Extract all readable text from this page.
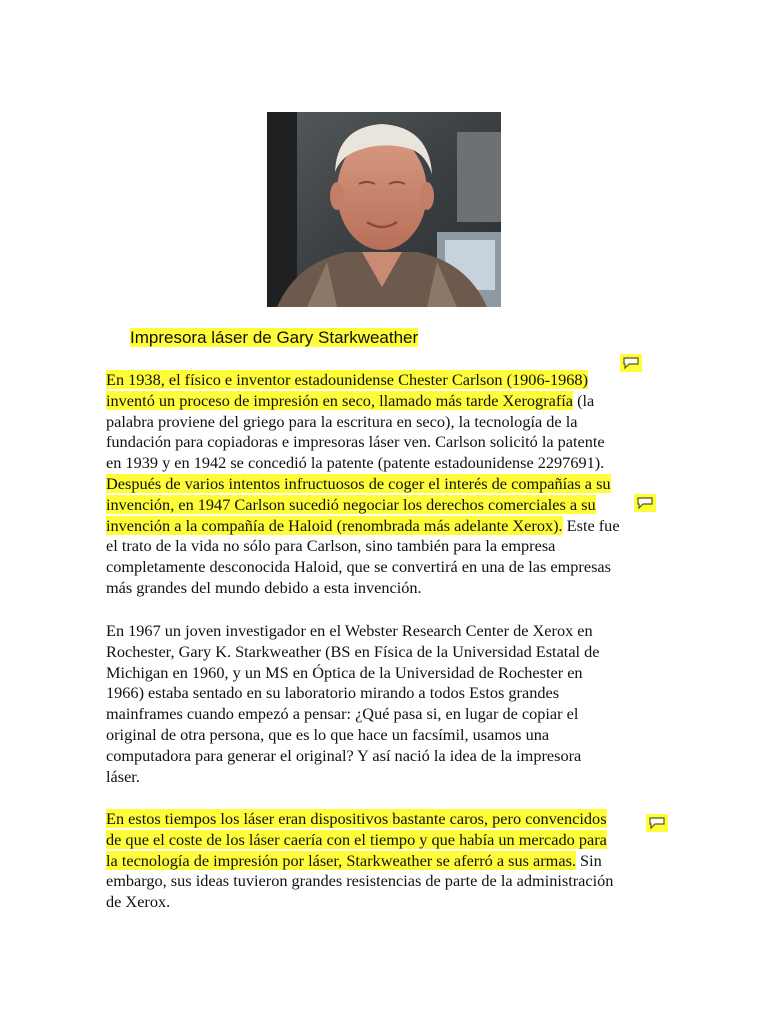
Impresora láser de Gary Starkweather
En 1938, el físico e inventor estadounidense Chester Carlson (1906-1968)
inventó un proceso de impresión en seco, llamado más tarde Xerografía (la
palabra proviene del griego para la escritura en seco), la tecnología de la
fundación para copiadoras e impresoras láser ven. Carlson solicitó la patente
en 1939 y en 1942 se concedió la patente (patente estadounidense 2297691).
Después de varios intentos infructuosos de coger el interés de compañías a su
invención, en 1947 Carlson sucedió negociar los derechos comerciales a su
invención a la compañía de Haloid (renombrada más adelante Xerox). Este fue
el trato de la vida no sólo para Carlson, sino también para la empresa
completamente desconocida Haloid, que se convertirá en una de las empresas
más grandes del mundo debido a esta invención.
En 1967 un joven investigador en el Webster Research Center de Xerox en
Rochester, Gary K. Starkweather (BS en Física de la Universidad Estatal de
Michigan en 1960, y un MS en Óptica de la Universidad de Rochester en
1966) estaba sentado en su laboratorio mirando a todos Estos grandes
mainframes cuando empezó a pensar: ¿Qué pasa si, en lugar de copiar el
original de otra persona, que es lo que hace un facsímil, usamos una
computadora para generar el original? Y así nació la idea de la impresora
láser.
En estos tiempos los láser eran dispositivos bastante caros, pero convencidos
de que el coste de los láser caería con el tiempo y que había un mercado para
la tecnología de impresión por láser, Starkweather se aferró a sus armas. Sin
embargo, sus ideas tuvieron grandes resistencias de parte de la administración
de Xerox.
